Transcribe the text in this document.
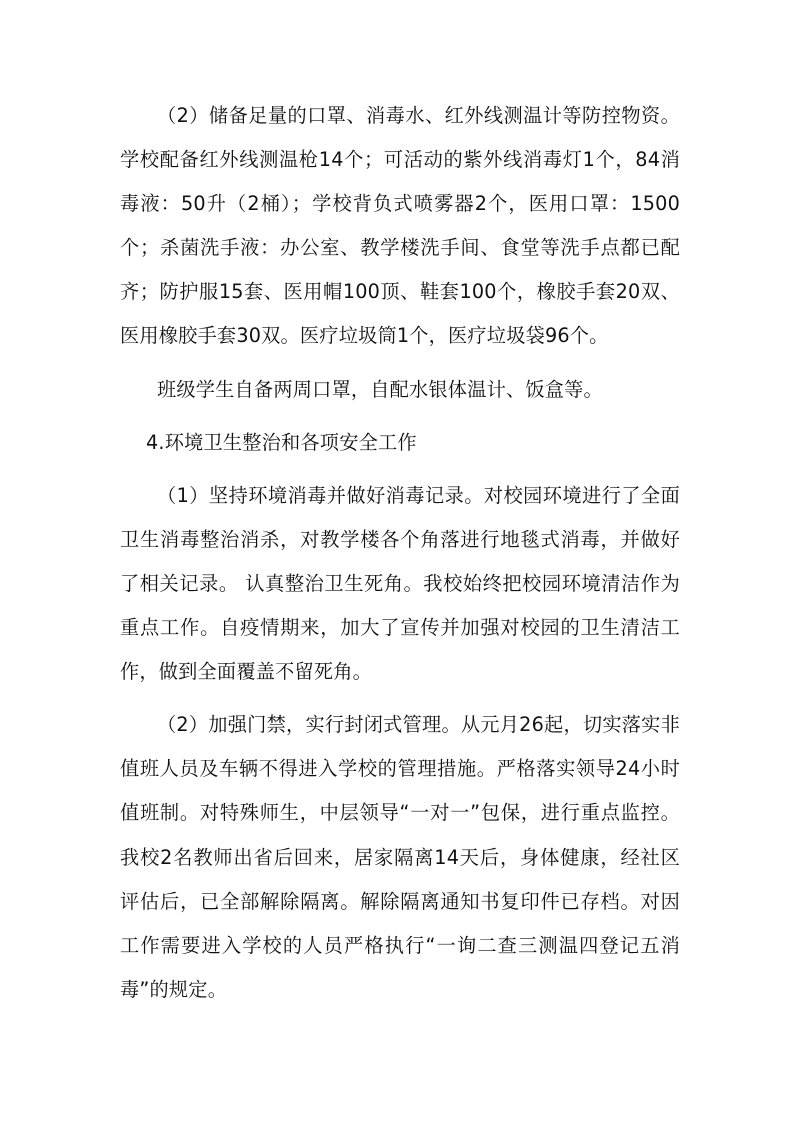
（2）储备足量的口罩、消毒水、红外线测温计等防控物资。学校配备红外线测温枪14个；可活动的紫外线消毒灯1个，84消毒液：50升（2桶）；学校背负式喷雾器2个，医用口罩：1500个；杀菌洗手液：办公室、教学楼洗手间、食堂等洗手点都已配齐；防护服15套、医用帽100顶、鞋套100个，橡胶手套20双、医用橡胶手套30双。医疗垃圾筒1个，医疗垃圾袋96个。

班级学生自备两周口罩，自配水银体温计、饭盒等。

4.环境卫生整治和各项安全工作

（1）坚持环境消毒并做好消毒记录。对校园环境进行了全面卫生消毒整治消杀，对教学楼各个角落进行地毯式消毒，并做好了相关记录。 认真整治卫生死角。我校始终把校园环境清洁作为重点工作。自疫情期来，加大了宣传并加强对校园的卫生清洁工作，做到全面覆盖不留死角。

（2）加强门禁，实行封闭式管理。从元月26起，切实落实非值班人员及车辆不得进入学校的管理措施。严格落实领导24小时值班制。对特殊师生，中层领导“一对一”包保，进行重点监控。我校2名教师出省后回来，居家隔离14天后，身体健康，经社区评估后，已全部解除隔离。解除隔离通知书复印件已存档。对因工作需要进入学校的人员严格执行“一询二查三测温四登记五消毒”的规定。
